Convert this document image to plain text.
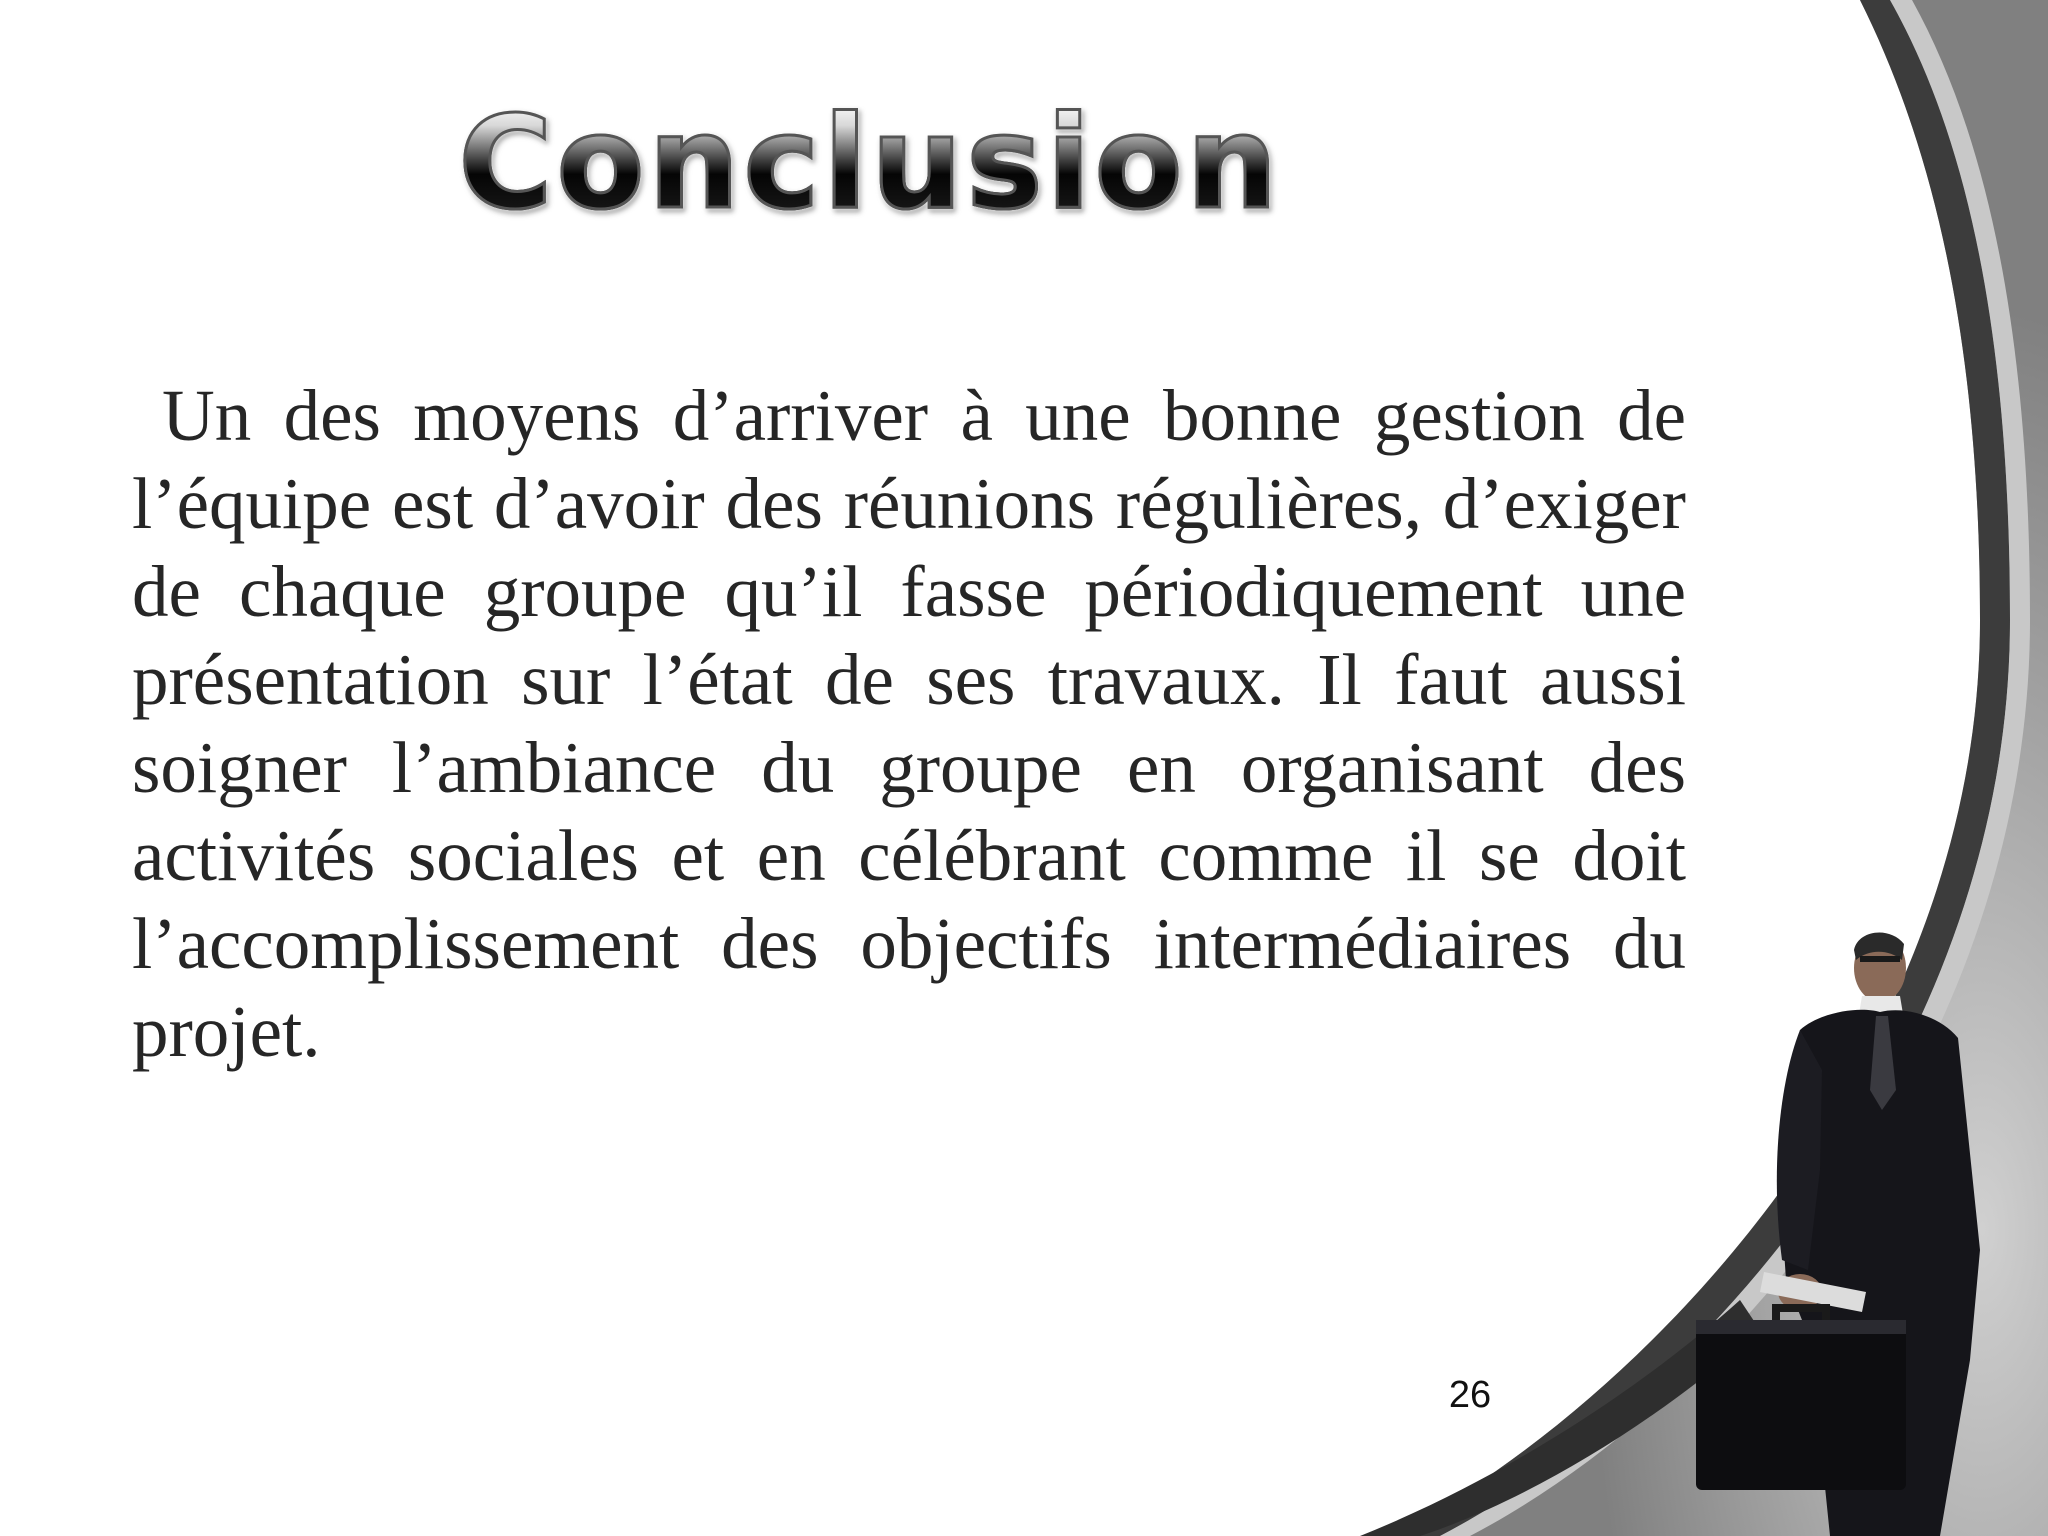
Conclusion

Un des moyens d’arriver à une bonne gestion de l’équipe est d’avoir des réunions régulières, d’exiger de chaque groupe qu’il fasse périodiquement une présentation sur l’état de ses travaux. Il faut aussi soigner l’ambiance du groupe en organisant des activités sociales et en célébrant comme il se doit l’accomplissement des objectifs intermédiaires du projet.

26
